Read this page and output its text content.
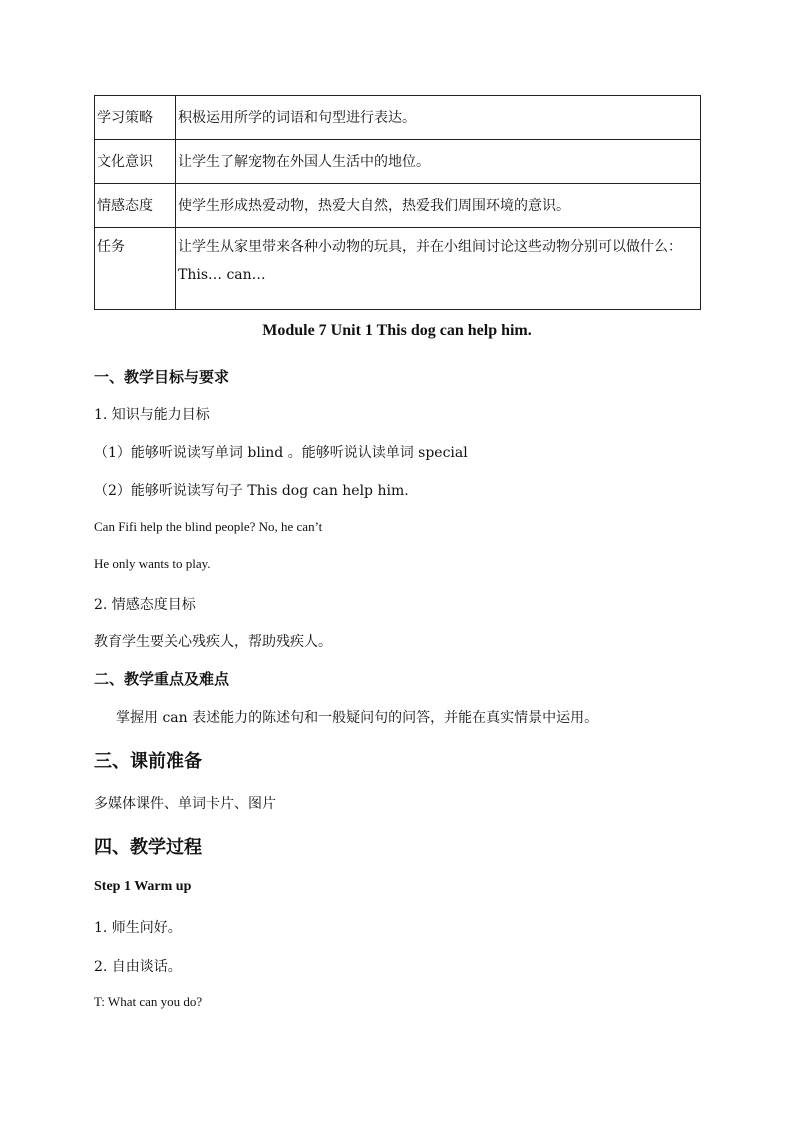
学习策略	积极运用所学的词语和句型进行表达。
文化意识	让学生了解宠物在外国人生活中的地位。
情感态度	使学生形成热爱动物，热爱大自然，热爱我们周围环境的意识。
任务	让学生从家里带来各种小动物的玩具，并在小组间讨论这些动物分别可以做什么：This… can…
Module 7 Unit 1 This dog can help him.
一、教学目标与要求
1. 知识与能力目标
（1）能够听说读写单词 blind 。能够听说认读单词 special
（2）能够听说读写句子 This dog can help him.
Can Fifi help the blind people? No, he can’t
He only wants to play.
2. 情感态度目标
教育学生要关心残疾人，帮助残疾人。
二、教学重点及难点
掌握用 can 表述能力的陈述句和一般疑问句的问答，并能在真实情景中运用。
三、课前准备
多媒体课件、单词卡片、图片
四、教学过程
Step 1 Warm up
1. 师生问好。
2. 自由谈话。
T: What can you do?
